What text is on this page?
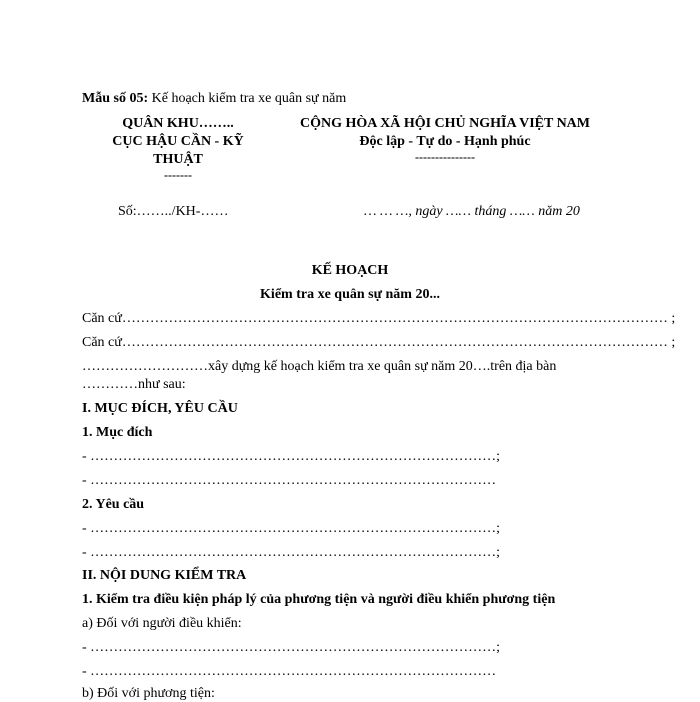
Mẫu số 05: Kế hoạch kiểm tra xe quân sự năm
QUÂN KHU……..
CỤC HẬU CẦN - KỸ
THUẬT
-------
CỘNG HÒA XÃ HỘI CHỦ NGHĨA VIỆT NAM
Độc lập - Tự do - Hạnh phúc
---------------
Số:……../KH-……	… … …, ngày …… tháng …… năm 20
KẾ HOẠCH
Kiểm tra xe quân sự năm 20...
Căn cứ……………………………………………………………………………………………………… ;
Căn cứ……………………………………………………………………………………………………… ;
………………………xây dựng kế hoạch kiểm tra xe quân sự năm 20….trên địa bàn
…………như sau:
I. MỤC ĐÍCH, YÊU CẦU
1. Mục đích
- ……………………………………………………………………………;
- ……………………………………………………………………………
2. Yêu cầu
- ……………………………………………………………………………;
- ……………………………………………………………………………;
II. NỘI DUNG KIỂM TRA
1. Kiểm tra điều kiện pháp lý của phương tiện và người điều khiển phương tiện
a) Đối với người điều khiển:
- ……………………………………………………………………………;
- ……………………………………………………………………………
b) Đối với phương tiện:
